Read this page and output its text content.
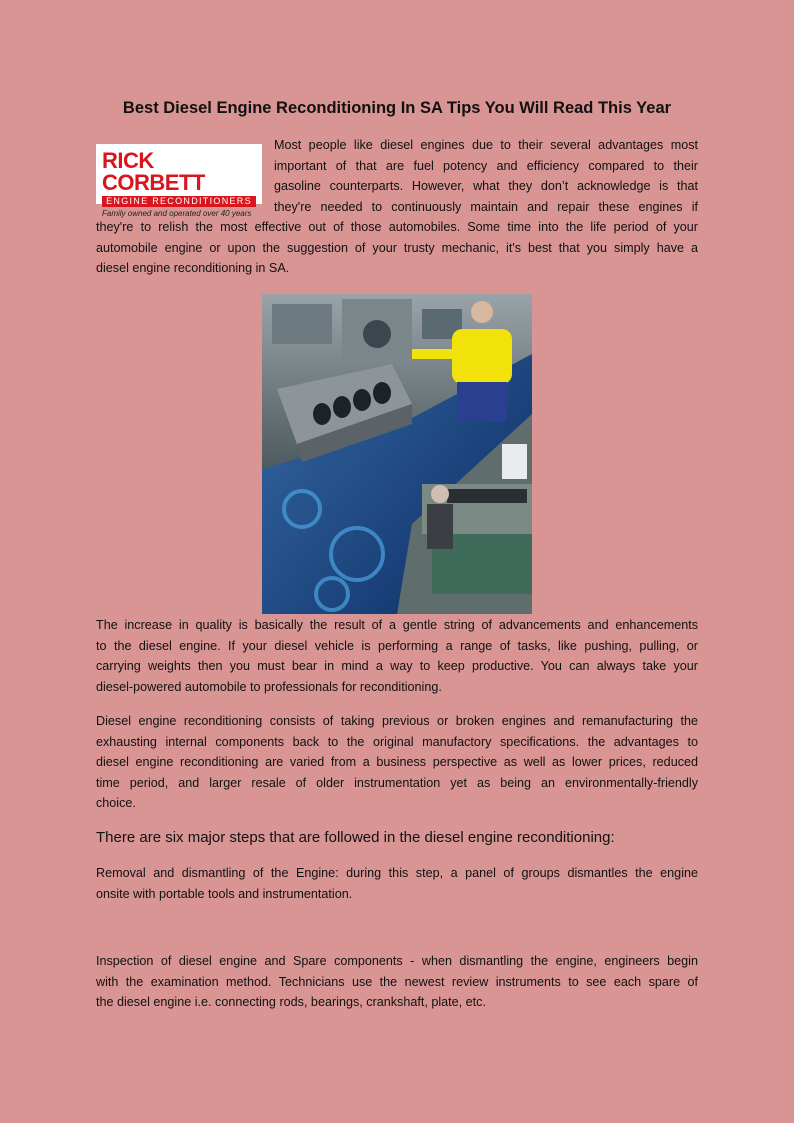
Best Diesel Engine Reconditioning In SA Tips You Will Read This Year
RICK CORBETT
ENGINE RECONDITIONERS
Family owned and operated over 40 years

Most people like diesel engines due to their several advantages most
important of that are fuel potency and efficiency compared to their
gasoline counterparts. However, what they don’t acknowledge is that
they're needed to continuously maintain and repair these engines if
they're to relish the most effective out of those automobiles. Some time into the life period of your
automobile engine or upon the suggestion of your trusty mechanic, it's best that you simply have a
diesel engine reconditioning in SA.

The increase in quality is basically the result of a gentle string of advancements and enhancements
to the diesel engine. If your diesel vehicle is performing a range of tasks, like pushing, pulling, or
carrying weights then you must bear in mind a way to keep productive. You can always take your
diesel-powered automobile to professionals for reconditioning.

Diesel engine reconditioning consists of taking previous or broken engines and remanufacturing the
exhausting internal components back to the original manufactory specifications. the advantages to
diesel engine reconditioning are varied from a business perspective as well as lower prices, reduced
time period, and larger resale of older instrumentation yet as being an environmentally-friendly
choice.

There are six major steps that are followed in the diesel engine reconditioning:

Removal and dismantling of the Engine: during this step, a panel of groups dismantles the engine
onsite with portable tools and instrumentation.

Inspection of diesel engine and Spare components - when dismantling the engine, engineers begin
with the examination method. Technicians use the newest review instruments to see each spare of
the diesel engine i.e. connecting rods, bearings, crankshaft, plate, etc.
